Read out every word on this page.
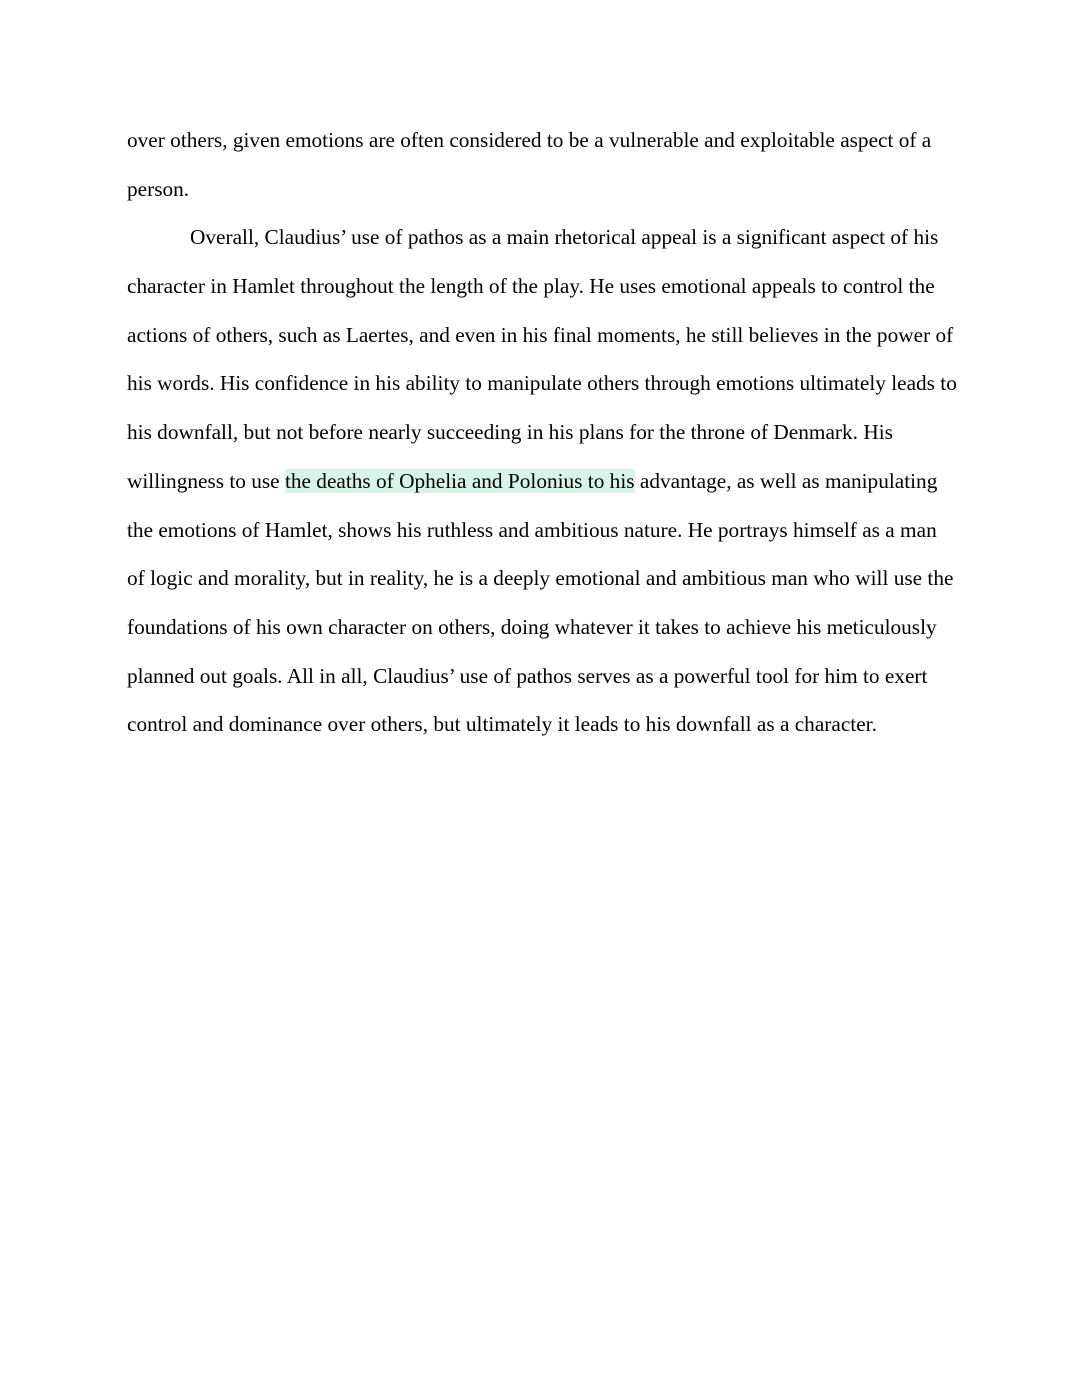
over others, given emotions are often considered to be a vulnerable and exploitable aspect of a
person.
Overall, Claudius’ use of pathos as a main rhetorical appeal is a significant aspect of his
character in Hamlet throughout the length of the play. He uses emotional appeals to control the
actions of others, such as Laertes, and even in his final moments, he still believes in the power of
his words. His confidence in his ability to manipulate others through emotions ultimately leads to
his downfall, but not before nearly succeeding in his plans for the throne of Denmark. His
willingness to use the deaths of Ophelia and Polonius to his advantage, as well as manipulating
the emotions of Hamlet, shows his ruthless and ambitious nature. He portrays himself as a man
of logic and morality, but in reality, he is a deeply emotional and ambitious man who will use the
foundations of his own character on others, doing whatever it takes to achieve his meticulously
planned out goals. All in all, Claudius’ use of pathos serves as a powerful tool for him to exert
control and dominance over others, but ultimately it leads to his downfall as a character.
